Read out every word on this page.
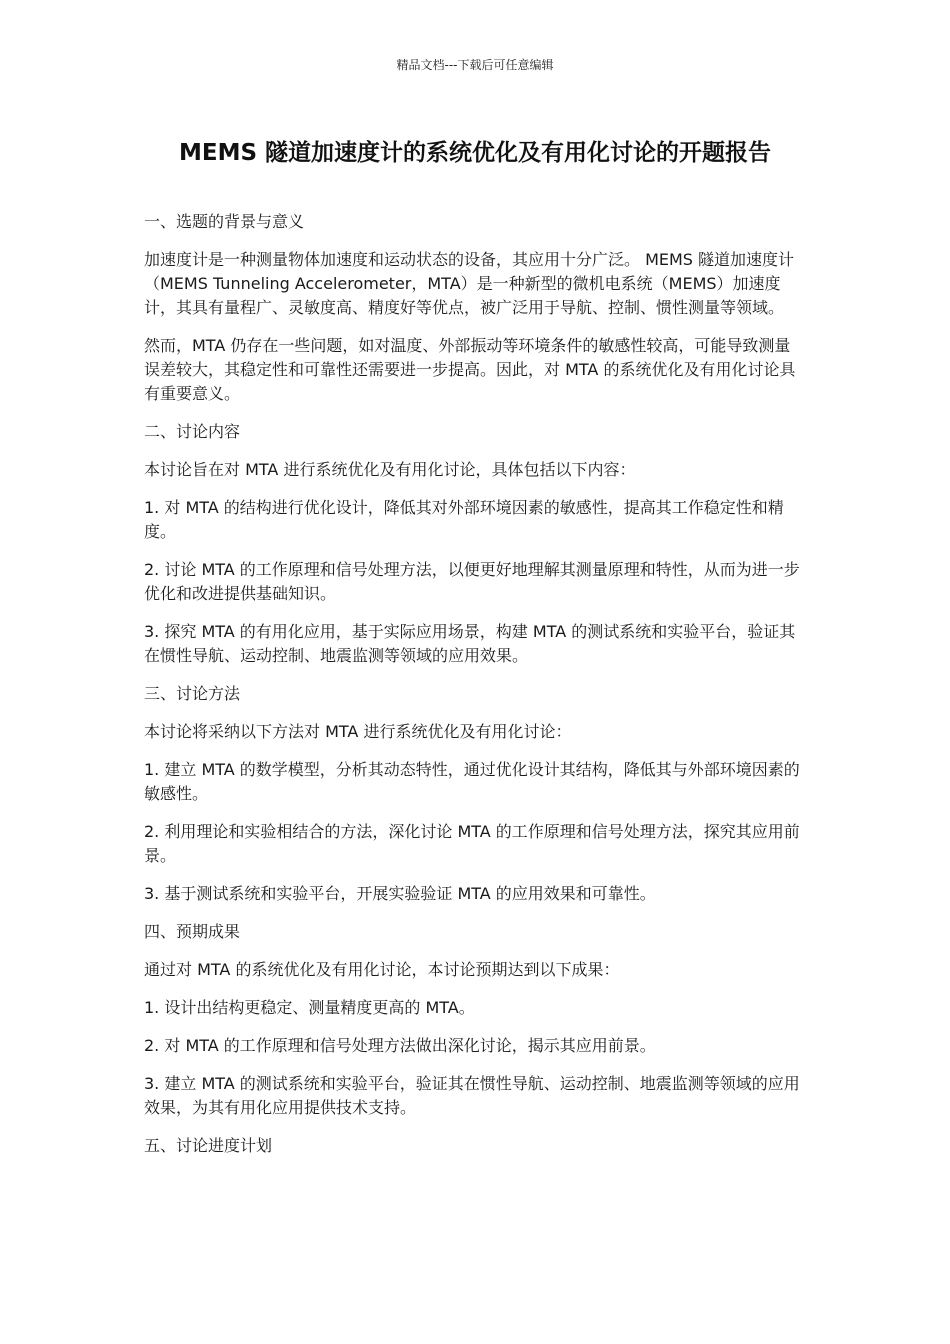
精品文档---下载后可任意编辑
MEMS 隧道加速度计的系统优化及有用化讨论的开题报告

一、选题的背景与意义

加速度计是一种测量物体加速度和运动状态的设备，其应用十分广泛。 MEMS 隧道加速度计（MEMS Tunneling Accelerometer，MTA）是一种新型的微机电系统（MEMS）加速度计，其具有量程广、灵敏度高、精度好等优点，被广泛用于导航、控制、惯性测量等领域。

然而，MTA 仍存在一些问题，如对温度、外部振动等环境条件的敏感性较高，可能导致测量误差较大，其稳定性和可靠性还需要进一步提高。因此，对 MTA 的系统优化及有用化讨论具有重要意义。

二、讨论内容

本讨论旨在对 MTA 进行系统优化及有用化讨论，具体包括以下内容：

1. 对 MTA 的结构进行优化设计，降低其对外部环境因素的敏感性，提高其工作稳定性和精度。

2. 讨论 MTA 的工作原理和信号处理方法，以便更好地理解其测量原理和特性，从而为进一步优化和改进提供基础知识。

3. 探究 MTA 的有用化应用，基于实际应用场景，构建 MTA 的测试系统和实验平台，验证其在惯性导航、运动控制、地震监测等领域的应用效果。

三、讨论方法

本讨论将采纳以下方法对 MTA 进行系统优化及有用化讨论：

1. 建立 MTA 的数学模型，分析其动态特性，通过优化设计其结构，降低其与外部环境因素的敏感性。

2. 利用理论和实验相结合的方法，深化讨论 MTA 的工作原理和信号处理方法，探究其应用前景。

3. 基于测试系统和实验平台，开展实验验证 MTA 的应用效果和可靠性。

四、预期成果

通过对 MTA 的系统优化及有用化讨论，本讨论预期达到以下成果：

1. 设计出结构更稳定、测量精度更高的 MTA。

2. 对 MTA 的工作原理和信号处理方法做出深化讨论，揭示其应用前景。

3. 建立 MTA 的测试系统和实验平台，验证其在惯性导航、运动控制、地震监测等领域的应用效果，为其有用化应用提供技术支持。

五、讨论进度计划
